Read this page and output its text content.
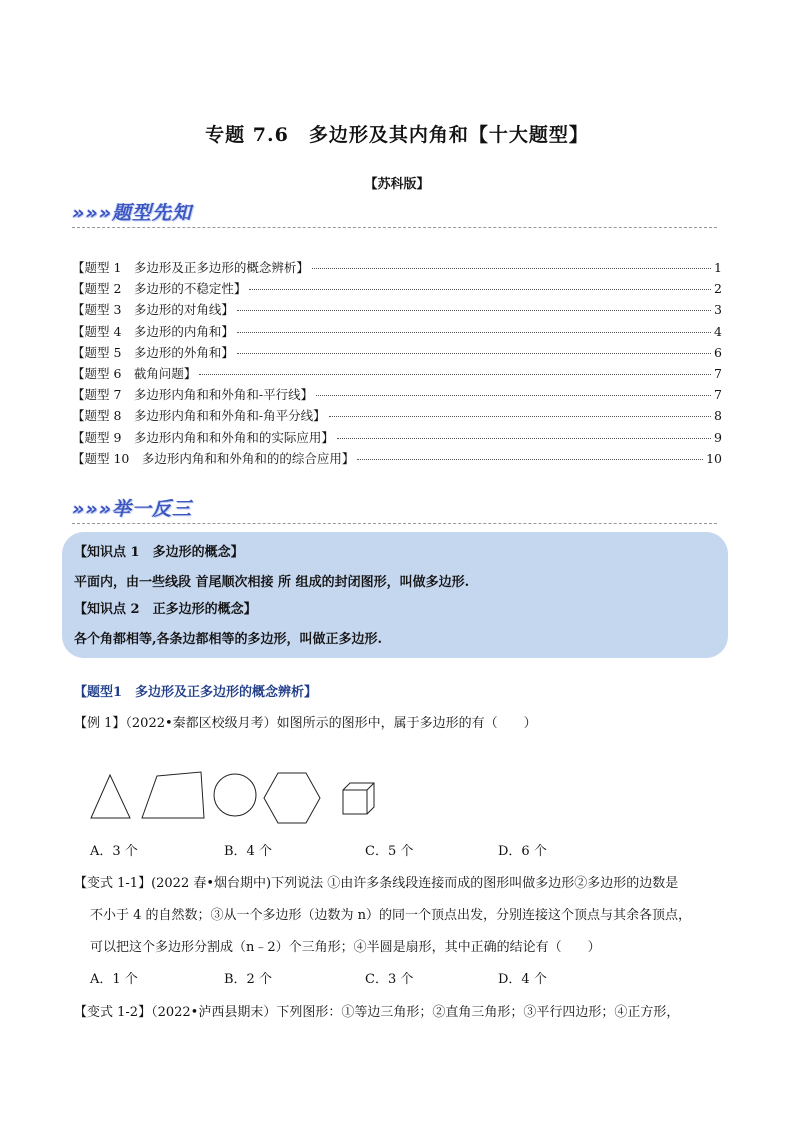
专题 7.6　多边形及其内角和【十大题型】
【苏科版】
»»»题型先知
【题型 1　多边形及正多边形的概念辨析】	1
【题型 2　多边形的不稳定性】	2
【题型 3　多边形的对角线】	3
【题型 4　多边形的内角和】	4
【题型 5　多边形的外角和】	6
【题型 6　截角问题】	7
【题型 7　多边形内角和和外角和-平行线】	7
【题型 8　多边形内角和和外角和-角平分线】	8
【题型 9　多边形内角和和外角和的实际应用】	9
【题型 10　多边形内角和和外角和的的综合应用】	10
»»»举一反三
【知识点 1　多边形的概念】
平面内，由一些线段 首尾顺次相接 所 组成的封闭图形，叫做多边形.
【知识点 2　正多边形的概念】
各个角都相等,各条边都相等的多边形，叫做正多边形.
【题型1　多边形及正多边形的概念辨析】
【例 1】（2022•秦都区校级月考）如图所示的图形中，属于多边形的有（　　）
A．3 个	B．4 个	C．5 个	D．6 个
【变式 1-1】(2022 春•烟台期中)下列说法 ①由许多条线段连接而成的图形叫做多边形②多边形的边数是
不小于 4 的自然数；③从一个多边形（边数为 n）的同一个顶点出发，分别连接这个顶点与其余各顶点，
可以把这个多边形分割成（n﹣2）个三角形；④半圆是扇形，其中正确的结论有（　　）
A．1 个	B．2 个	C．3 个	D．4 个
【变式 1-2】（2022•泸西县期末）下列图形：①等边三角形；②直角三角形；③平行四边形；④正方形，
